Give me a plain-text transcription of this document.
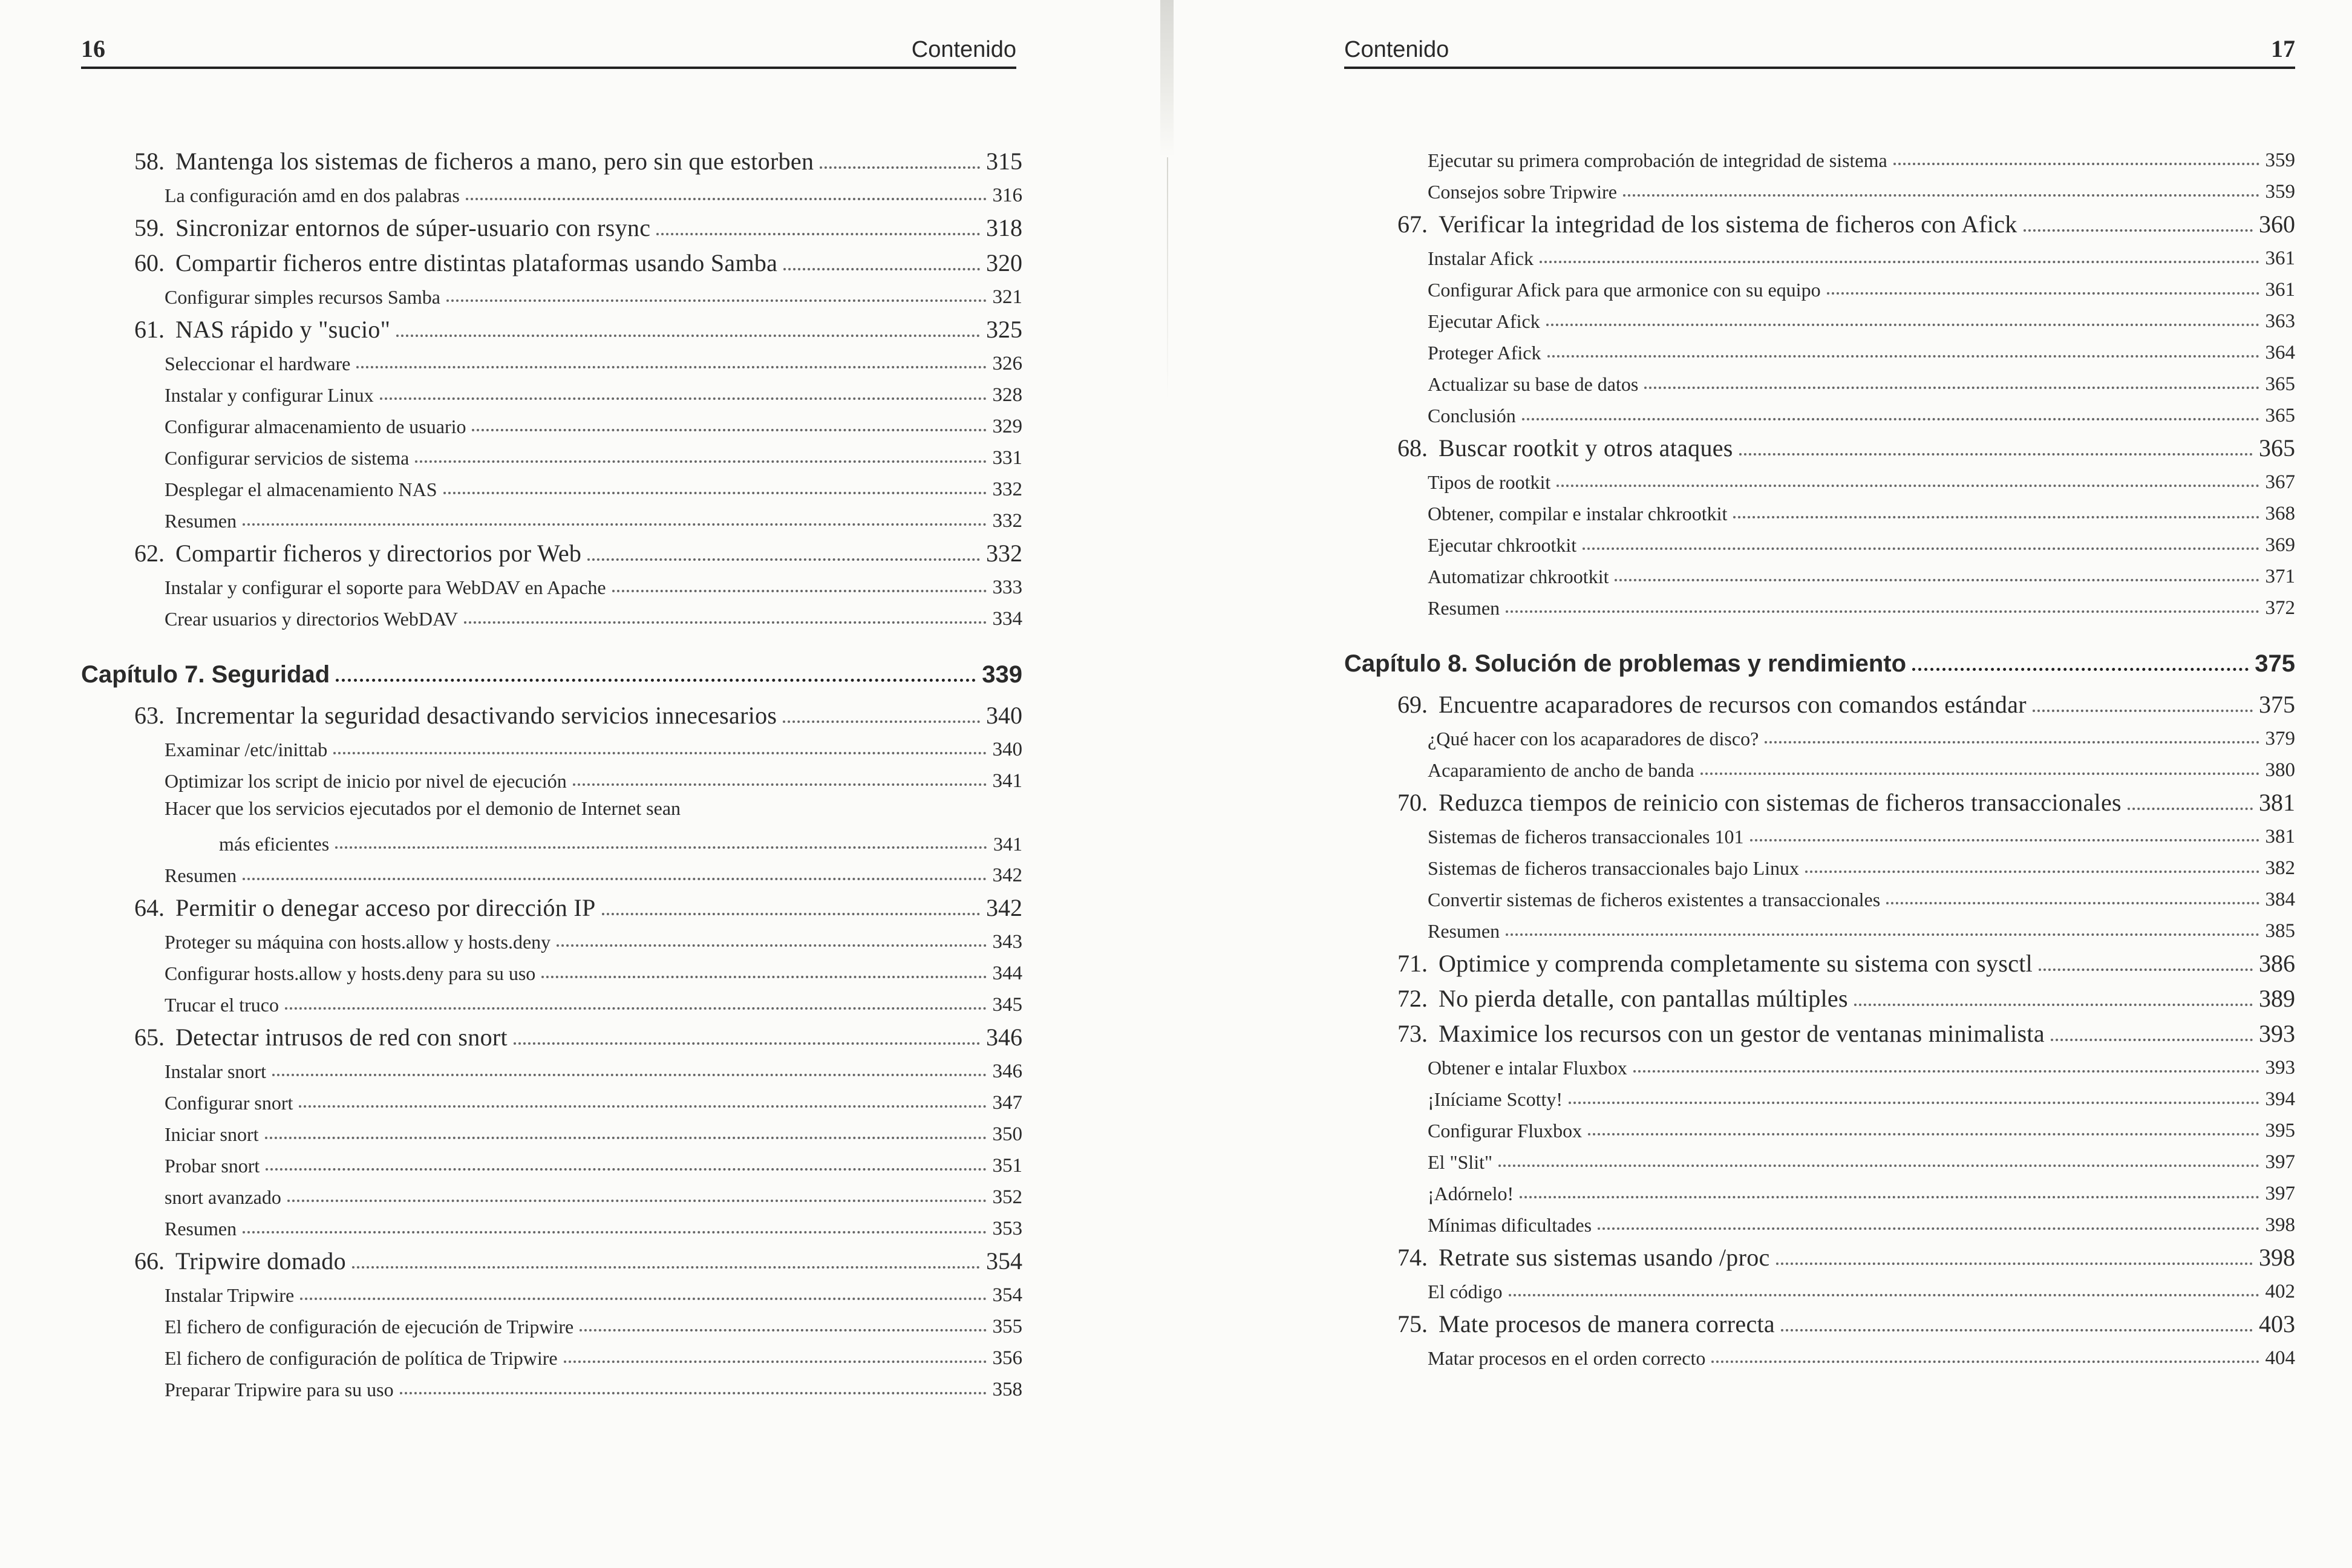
16	Contenido
58. Mantenga los sistemas de ficheros a mano, pero sin que estorben	315
La configuración amd en dos palabras	316
59. Sincronizar entornos de súper-usuario con rsync	318
60. Compartir ficheros entre distintas plataformas usando Samba	320
Configurar simples recursos Samba	321
61. NAS rápido y "sucio"	325
Seleccionar el hardware	326
Instalar y configurar Linux	328
Configurar almacenamiento de usuario	329
Configurar servicios de sistema	331
Desplegar el almacenamiento NAS	332
Resumen	332
62. Compartir ficheros y directorios por Web	332
Instalar y configurar el soporte para WebDAV en Apache	333
Crear usuarios y directorios WebDAV	334
Capítulo 7. Seguridad	339
63. Incrementar la seguridad desactivando servicios innecesarios	340
Examinar /etc/inittab	340
Optimizar los script de inicio por nivel de ejecución	341
Hacer que los servicios ejecutados por el demonio de Internet sean
más eficientes	341
Resumen	342
64. Permitir o denegar acceso por dirección IP	342
Proteger su máquina con hosts.allow y hosts.deny	343
Configurar hosts.allow y hosts.deny para su uso	344
Trucar el truco	345
65. Detectar intrusos de red con snort	346
Instalar snort	346
Configurar snort	347
Iniciar snort	350
Probar snort	351
snort avanzado	352
Resumen	353
66. Tripwire domado	354
Instalar Tripwire	354
El fichero de configuración de ejecución de Tripwire	355
El fichero de configuración de política de Tripwire	356
Preparar Tripwire para su uso	358
Contenido	17
Ejecutar su primera comprobación de integridad de sistema	359
Consejos sobre Tripwire	359
67. Verificar la integridad de los sistema de ficheros con Afick	360
Instalar Afick	361
Configurar Afick para que armonice con su equipo	361
Ejecutar Afick	363
Proteger Afick	364
Actualizar su base de datos	365
Conclusión	365
68. Buscar rootkit y otros ataques	365
Tipos de rootkit	367
Obtener, compilar e instalar chkrootkit	368
Ejecutar chkrootkit	369
Automatizar chkrootkit	371
Resumen	372
Capítulo 8. Solución de problemas y rendimiento	375
69. Encuentre acaparadores de recursos con comandos estándar	375
¿Qué hacer con los acaparadores de disco?	379
Acaparamiento de ancho de banda	380
70. Reduzca tiempos de reinicio con sistemas de ficheros transaccionales	381
Sistemas de ficheros transaccionales 101	381
Sistemas de ficheros transaccionales bajo Linux	382
Convertir sistemas de ficheros existentes a transaccionales	384
Resumen	385
71. Optimice y comprenda completamente su sistema con sysctl	386
72. No pierda detalle, con pantallas múltiples	389
73. Maximice los recursos con un gestor de ventanas minimalista	393
Obtener e intalar Fluxbox	393
¡Iníciame Scotty!	394
Configurar Fluxbox	395
El "Slit"	397
¡Adórnelo!	397
Mínimas dificultades	398
74. Retrate sus sistemas usando /proc	398
El código	402
75. Mate procesos de manera correcta	403
Matar procesos en el orden correcto	404
